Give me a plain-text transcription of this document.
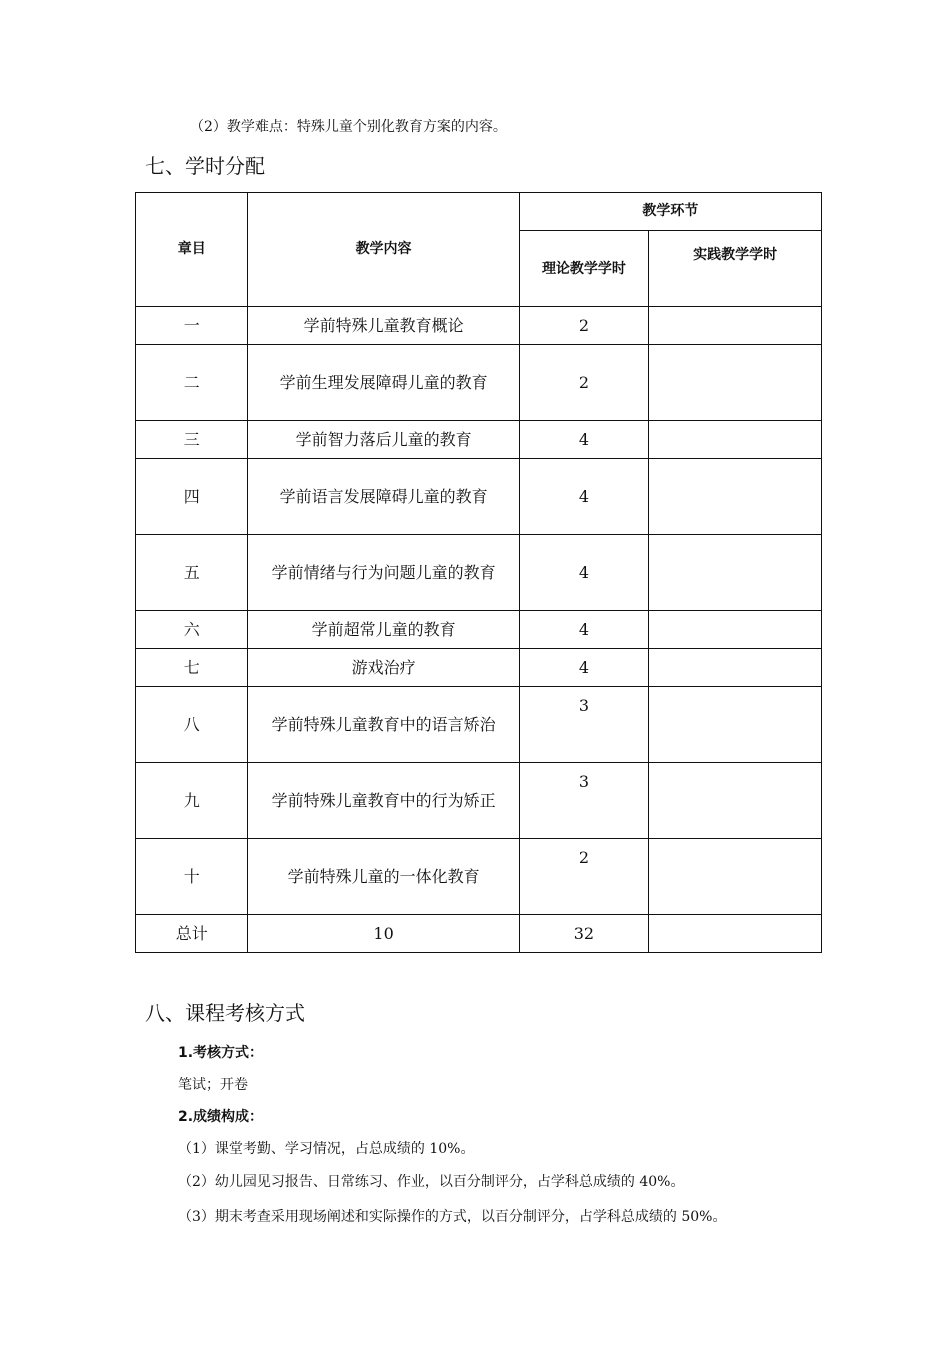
（2）教学难点：特殊儿童个别化教育方案的内容。
七、学时分配
章目	教学内容	教学环节	
		理论教学学时	实践教学学时
一	学前特殊儿童教育概论	2	
二	学前生理发展障碍儿童的教育	2	
三	学前智力落后儿童的教育	4	
四	学前语言发展障碍儿童的教育	4	
五	学前情绪与行为问题儿童的教育	4	
六	学前超常儿童的教育	4	
七	游戏治疗	4	
八	学前特殊儿童教育中的语言矫治	3	
九	学前特殊儿童教育中的行为矫正	3	
十	学前特殊儿童的一体化教育	2	
总计	10	32	
八、课程考核方式
1.考核方式：
笔试；开卷
2.成绩构成：
（1）课堂考勤、学习情况，占总成绩的 10%。
（2）幼儿园见习报告、日常练习、作业，以百分制评分，占学科总成绩的 40%。
（3）期末考查采用现场阐述和实际操作的方式，以百分制评分，占学科总成绩的 50%。
